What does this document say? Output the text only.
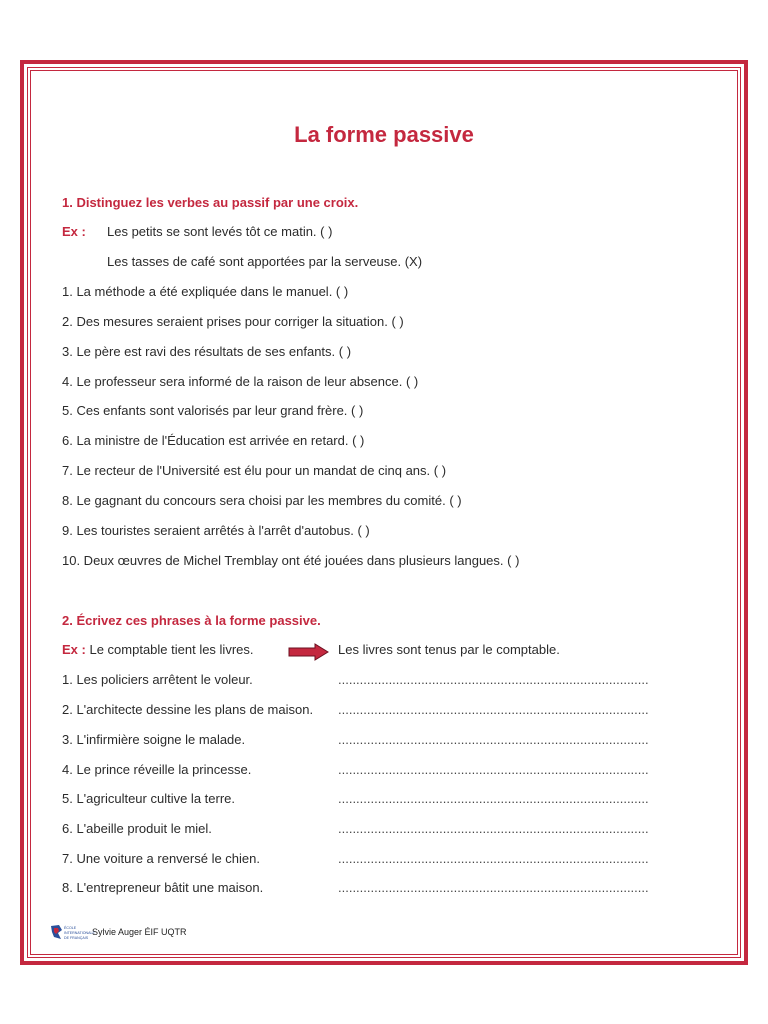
La forme passive
1. Distinguez les verbes au passif par une croix.
Ex : Les petits se sont levés tôt ce matin. ( )
Les tasses de café sont apportées par la serveuse. (X)
1. La méthode a été expliquée dans le manuel. ( )
2. Des mesures seraient prises pour corriger la situation. ( )
3. Le père est ravi des résultats de ses enfants. ( )
4. Le professeur sera informé de la raison de leur absence. ( )
5. Ces enfants sont valorisés par leur grand frère. ( )
6. La ministre de l'Éducation est arrivée en retard. ( )
7. Le recteur de l'Université est élu pour un mandat de cinq ans. ( )
8. Le gagnant du concours sera choisi par les membres du comité. ( )
9. Les touristes seraient arrêtés à l'arrêt d'autobus. ( )
10. Deux œuvres de Michel Tremblay ont été jouées dans plusieurs langues. ( )
2. Écrivez ces phrases à la forme passive.
Ex : Le comptable tient les livres.	Les livres sont tenus par le comptable.
1. Les policiers arrêtent le voleur.	......................................................................................
2. L'architecte dessine les plans de maison. ......................................................................................
3. L'infirmière soigne le malade.	......................................................................................
4. Le prince réveille la princesse.	......................................................................................
5. L'agriculteur cultive la terre.	......................................................................................
6. L'abeille produit le miel.	......................................................................................
7. Une voiture a renversé le chien.	......................................................................................
8. L'entrepreneur bâtit une maison.	......................................................................................
ÉCOLE
INTERNATIONALE
DE FRANÇAIS
Sylvie Auger ÉIF UQTR
